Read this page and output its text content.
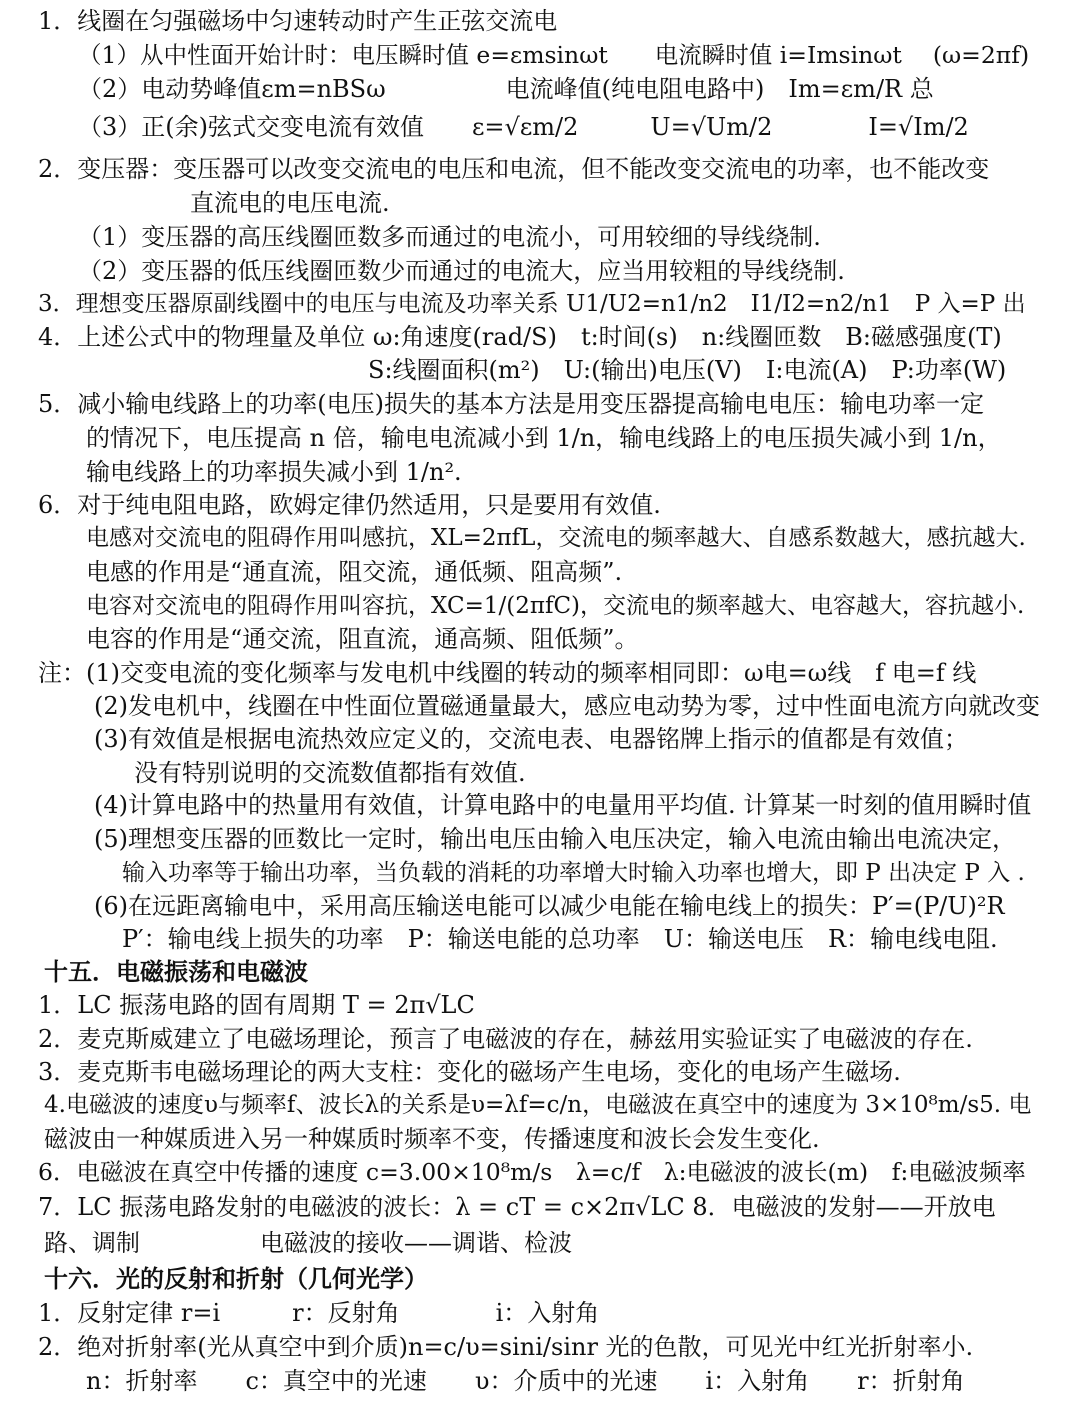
1．线圈在匀强磁场中匀速转动时产生正弦交流电
（1）从中性面开始计时：电压瞬时值 e=εmsinωt　　电流瞬时值 i=Imsinωt　 (ω=2πf)
（2）电动势峰值εm=nBSω　　　　　电流峰值(纯电阻电路中)　Im=εm/R 总
（3）正(余)弦式交变电流有效值　　ε=√εm/2　　　U=√Um/2　　　　I=√Im/2
2．变压器：变压器可以改变交流电的电压和电流，但不能改变交流电的功率，也不能改变
直流电的电压电流.
（1）变压器的高压线圈匝数多而通过的电流小，可用较细的导线绕制.
（2）变压器的低压线圈匝数少而通过的电流大，应当用较粗的导线绕制.
3．理想变压器原副线圈中的电压与电流及功率关系 U1/U2=n1/n2　I1/I2=n2/n1　P 入=P 出
4．上述公式中的物理量及单位 ω:角速度(rad/S)　t:时间(s)　n:线圈匝数　B:磁感强度(T)
S:线圈面积(m²)　U:(输出)电压(V)　I:电流(A)　P:功率(W)
5．减小输电线路上的功率(电压)损失的基本方法是用变压器提高输电电压：输电功率一定
的情况下，电压提高 n 倍，输电电流减小到 1/n，输电线路上的电压损失减小到 1/n，
输电线路上的功率损失减小到 1/n².
6．对于纯电阻电路，欧姆定律仍然适用，只是要用有效值.
电感对交流电的阻碍作用叫感抗，XL=2πfL，交流电的频率越大、自感系数越大，感抗越大.
电感的作用是“通直流，阻交流，通低频、阻高频”.
电容对交流电的阻碍作用叫容抗，XC=1/(2πfC)，交流电的频率越大、电容越大，容抗越小.
电容的作用是“通交流，阻直流，通高频、阻低频”。
注：(1)交变电流的变化频率与发电机中线圈的转动的频率相同即：ω电=ω线　f 电=f 线
(2)发电机中，线圈在中性面位置磁通量最大，感应电动势为零，过中性面电流方向就改变
(3)有效值是根据电流热效应定义的，交流电表、电器铭牌上指示的值都是有效值；
没有特别说明的交流数值都指有效值.
(4)计算电路中的热量用有效值，计算电路中的电量用平均值. 计算某一时刻的值用瞬时值
(5)理想变压器的匝数比一定时，输出电压由输入电压决定，输入电流由输出电流决定，
输入功率等于输出功率，当负载的消耗的功率增大时输入功率也增大，即 P 出决定 P 入 .
(6)在远距离输电中，采用高压输送电能可以减少电能在输电线上的损失：P′=(P/U)²R
P′：输电线上损失的功率　P：输送电能的总功率　U：输送电压　R：输电线电阻.
十五．电磁振荡和电磁波
1．LC 振荡电路的固有周期 T = 2π√LC
2．麦克斯威建立了电磁场理论，预言了电磁波的存在，赫兹用实验证实了电磁波的存在.
3．麦克斯韦电磁场理论的两大支柱：变化的磁场产生电场，变化的电场产生磁场.
4.电磁波的速度υ与频率f、波长λ的关系是υ=λf=c/n，电磁波在真空中的速度为 3×10⁸m/s5. 电
磁波由一种媒质进入另一种媒质时频率不变，传播速度和波长会发生变化.
6．电磁波在真空中传播的速度 c=3.00×10⁸m/s　λ=c/f　λ:电磁波的波长(m)　f:电磁波频率
7．LC 振荡电路发射的电磁波的波长：λ = cT = c×2π√LC 8．电磁波的发射——开放电
路、调制　　　　　电磁波的接收——调谐、检波
十六．光的反射和折射（几何光学）
1．反射定律 r=i　　　r：反射角　　　　i：入射角
2．绝对折射率(光从真空中到介质)n=c/υ=sini/sinr 光的色散，可见光中红光折射率小.
n：折射率　　c：真空中的光速　　υ：介质中的光速　　i：入射角　　r：折射角
